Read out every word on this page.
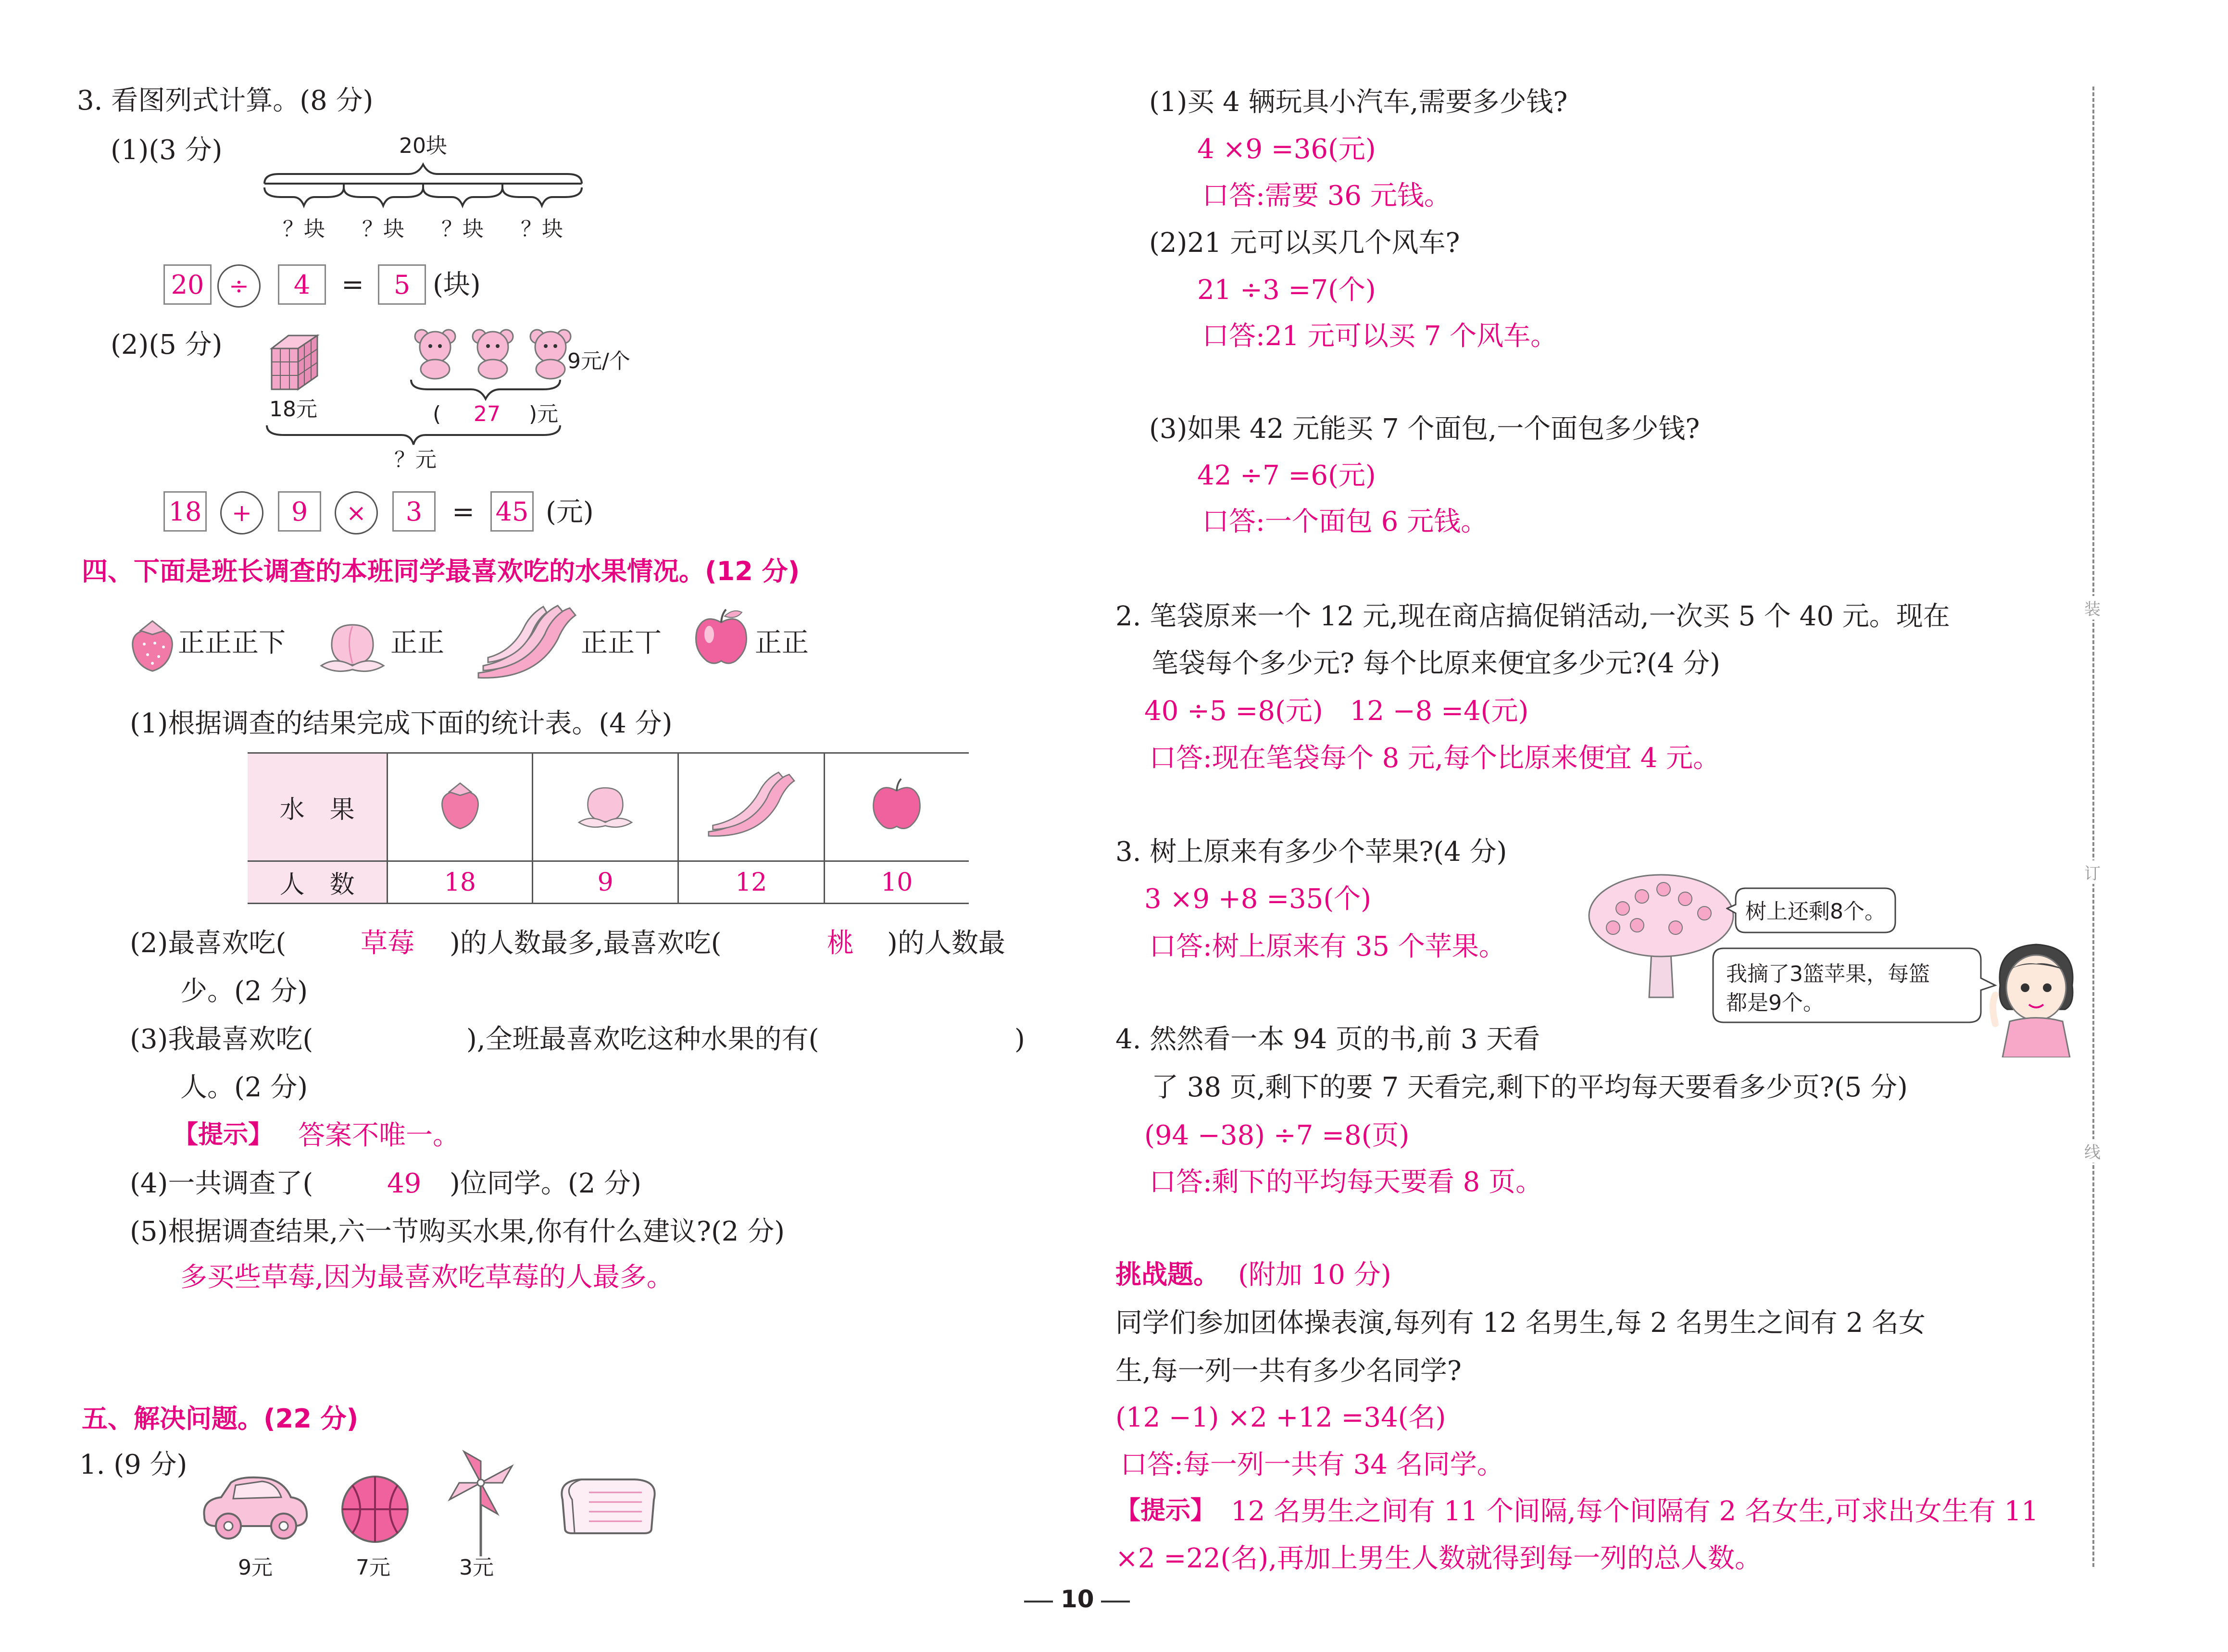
3. 看图列式计算。(8 分)
(1)(3 分)	20块
？块 ？块 ？块 ？块
20	÷	4	=	5 (块)
(2)(5 分)
18元
9元/个
( 27 )元
？元
18	+	9	×	3	= 45 (元)
四、下面是班长调查的本班同学最喜欢吃的水果情况。(12 分)
正正正下	正正	正正丅	正正
(1)根据调查的结果完成下面的统计表。(4 分)
水　果				
人　数	18	9	12	10
(2)最喜欢吃(	草莓 )的人数最多,最喜欢吃(	桃 )的人数最
少。(2 分)
(3)我最喜欢吃(	),全班最喜欢吃这种水果的有(	)
人。(2 分)
【提示】 答案不唯一。
(4)一共调查了(	49 )位同学。(2 分)
(5)根据调查结果,六一节购买水果,你有什么建议?(2 分)
多买些草莓,因为最喜欢吃草莓的人最多。
五、解决问题。(22 分)
1. (9 分)
9元	7元	3元
(1)买 4 辆玩具小汽车,需要多少钱?
4 ×9 =36(元)
口答:需要 36 元钱。
(2)21 元可以买几个风车?
21 ÷3 =7(个)
口答:21 元可以买 7 个风车。
(3)如果 42 元能买 7 个面包,一个面包多少钱?
42 ÷7 =6(元)
口答:一个面包 6 元钱。
2. 笔袋原来一个 12 元,现在商店搞促销活动,一次买 5 个 40 元。现在
笔袋每个多少元? 每个比原来便宜多少元?(4 分)
40 ÷5 =8(元)　12 −8 =4(元)
口答:现在笔袋每个 8 元,每个比原来便宜 4 元。
3. 树上原来有多少个苹果?(4 分)
3 ×9 +8 =35(个)
口答:树上原来有 35 个苹果。
树上还剩8个。
我摘了3篮苹果，每篮
都是9个。
4. 然然看一本 94 页的书,前 3 天看
了 38 页,剩下的要 7 天看完,剩下的平均每天要看多少页?(5 分)
(94 −38) ÷7 =8(页)
口答:剩下的平均每天要看 8 页。
挑战题。 (附加 10 分)
同学们参加团体操表演,每列有 12 名男生,每 2 名男生之间有 2 名女
生,每一列一共有多少名同学?
(12 −1) ×2 +12 =34(名)
口答:每一列一共有 34 名同学。
【提示】 12 名男生之间有 11 个间隔,每个间隔有 2 名女生,可求出女生有 11
×2 =22(名),再加上男生人数就得到每一列的总人数。
装
订
线
10
